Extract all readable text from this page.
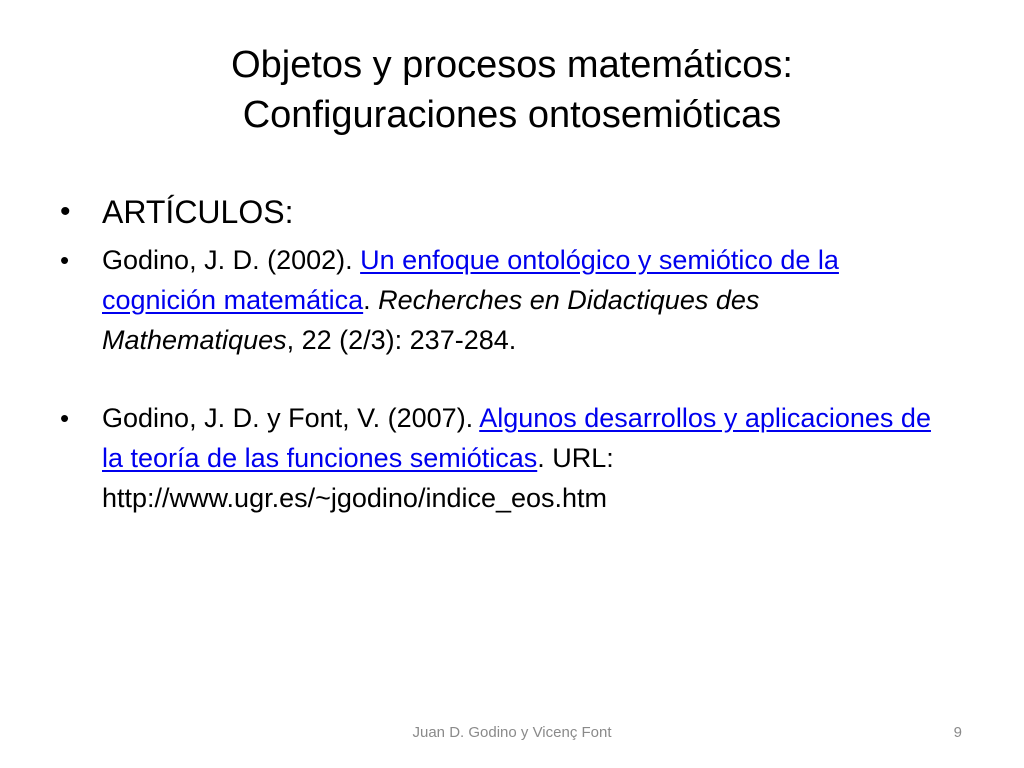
Objetos y procesos matemáticos:
Configuraciones ontosemióticas

• ARTÍCULOS:

• Godino, J. D. (2002). Un enfoque ontológico y semiótico de la cognición matemática. Recherches en Didactiques des Mathematiques, 22 (2/3): 237-284.

• Godino, J. D. y Font, V. (2007). Algunos desarrollos y aplicaciones de la teoría de las funciones semióticas. URL: http://www.ugr.es/~jgodino/indice_eos.htm

Juan D. Godino y Vicenç Font	9
